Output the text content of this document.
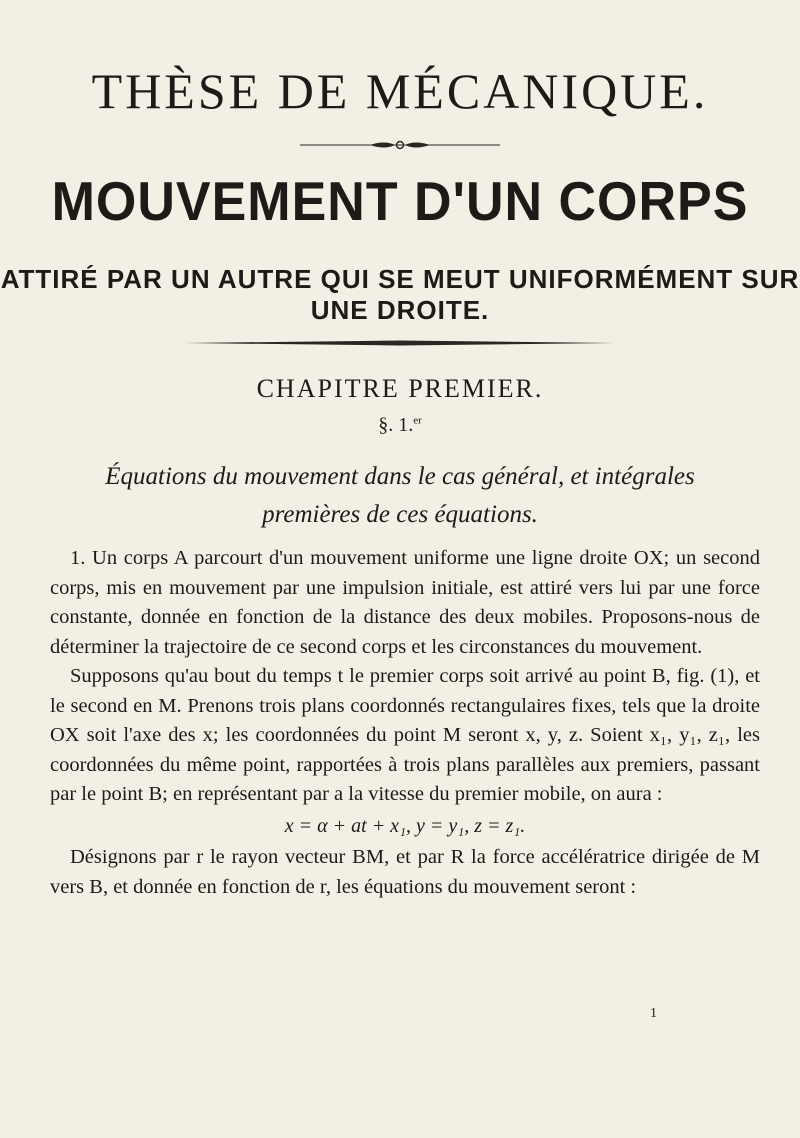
THÈSE DE MÉCANIQUE.
MOUVEMENT D'UN CORPS
ATTIRÉ PAR UN AUTRE QUI SE MEUT UNIFORMÉMENT SUR UNE DROITE.
CHAPITRE PREMIER.
§. 1.$^{er}$
Équations du mouvement dans le cas général, et intégrales
premières de ces équations.

1. Un corps A parcourt d'un mouvement uniforme une ligne droite OX; un second corps, mis en mouvement par une impulsion initiale, est attiré vers lui par une force constante, donnée en fonction de la distance des deux mobiles. Proposons-nous de déterminer la trajectoire de ce second corps et les circonstances du mouvement.

Supposons qu'au bout du temps t le premier corps soit arrivé au point B, fig. (1), et le second en M. Prenons trois plans coordonnés rectangulaires fixes, tels que la droite OX soit l'axe des x; les coordonnées du point M seront x, y, z. Soient x₁, y₁, z₁, les coordonnées du même point, rapportées à trois plans parallèles aux premiers, passant par le point B; en représentant par a la vitesse du premier mobile, on aura :

x = α + at + x₁, y = y₁, z = z₁.

Désignons par r le rayon vecteur BM, et par R la force accélératrice dirigée de M vers B, et donnée en fonction de r, les équations du mouvement seront :

1
